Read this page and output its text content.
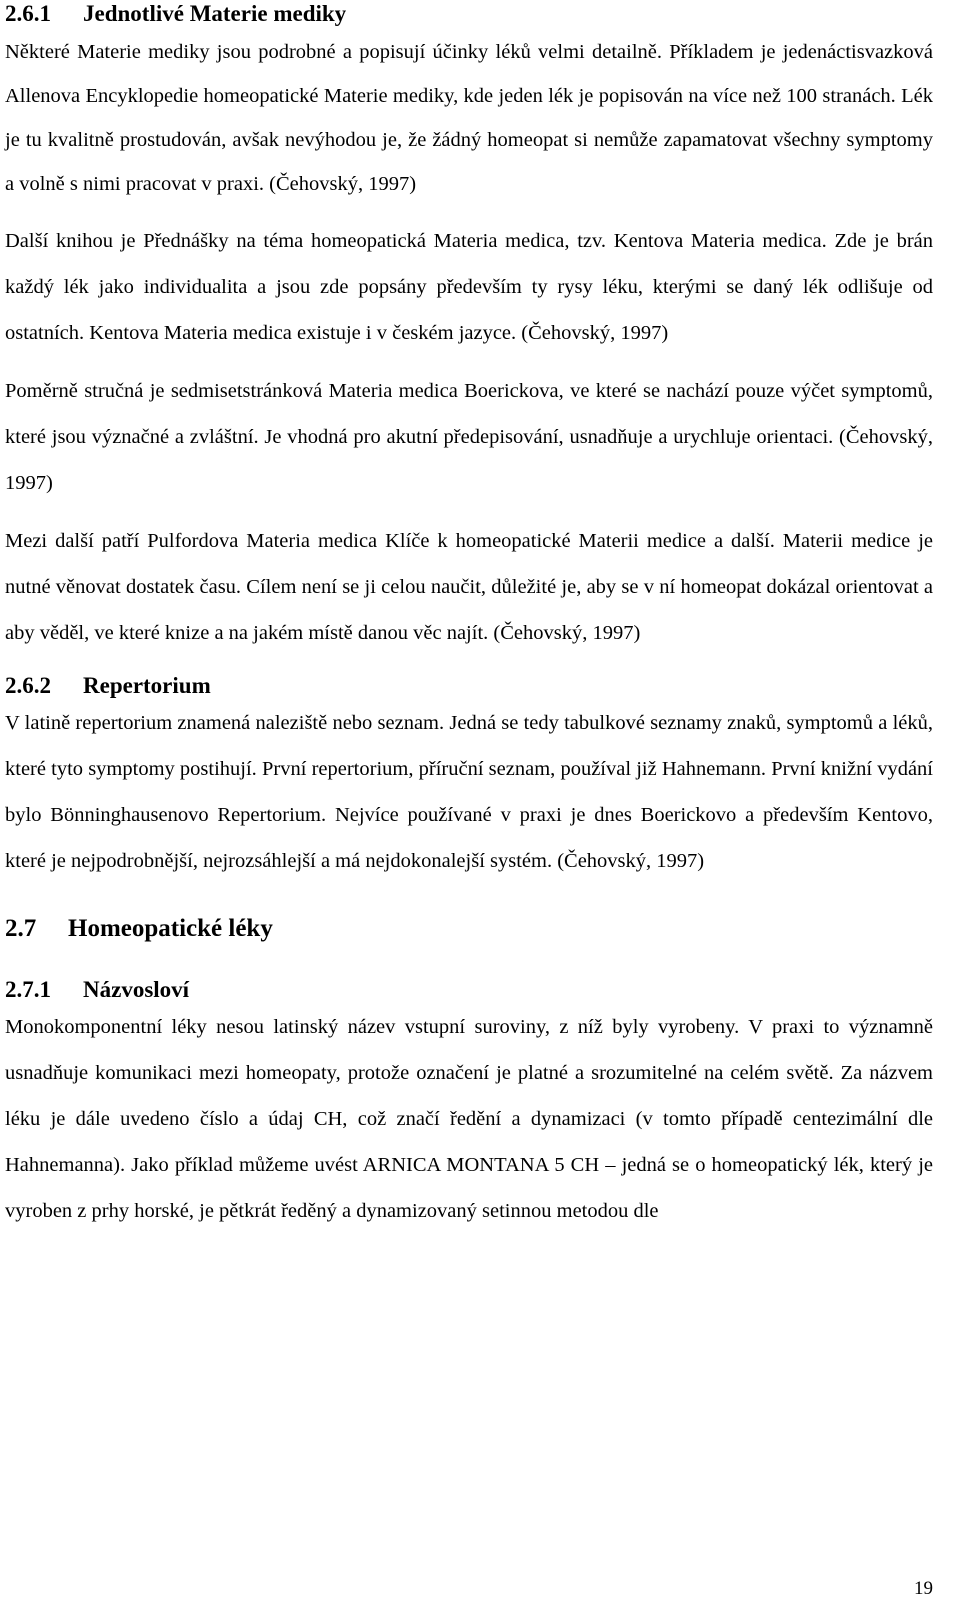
2.6.1 Jednotlivé Materie mediky

Některé Materie mediky jsou podrobné a popisují účinky léků velmi detailně. Příkladem je jedenáctisvazková Allenova Encyklopedie homeopatické Materie mediky, kde jeden lék je popisován na více než 100 stranách. Lék je tu kvalitně prostudován, avšak nevýhodou je, že žádný homeopat si nemůže zapamatovat všechny symptomy a volně s nimi pracovat v praxi. (Čehovský, 1997)

Další knihou je Přednášky na téma homeopatická Materia medica, tzv. Kentova Materia medica. Zde je brán každý lék jako individualita a jsou zde popsány především ty rysy léku, kterými se daný lék odlišuje od ostatních. Kentova Materia medica existuje i v českém jazyce. (Čehovský, 1997)

Poměrně stručná je sedmisetstránková Materia medica Boerickova, ve které se nachází pouze výčet symptomů, které jsou význačné a zvláštní. Je vhodná pro akutní předepisování, usnadňuje a urychluje orientaci. (Čehovský, 1997)

Mezi další patří Pulfordova Materia medica Klíče k homeopatické Materii medice a další. Materii medice je nutné věnovat dostatek času. Cílem není se ji celou naučit, důležité je, aby se v ní homeopat dokázal orientovat a aby věděl, ve které knize a na jakém místě danou věc najít. (Čehovský, 1997)

2.6.2 Repertorium

V latině repertorium znamená naleziště nebo seznam. Jedná se tedy tabulkové seznamy znaků, symptomů a léků, které tyto symptomy postihují. První repertorium, příruční seznam, používal již Hahnemann. První knižní vydání bylo Bönninghausenovo Repertorium. Nejvíce používané v praxi je dnes Boerickovo a především Kentovo, které je nejpodrobnější, nejrozsáhlejší a má nejdokonalejší systém. (Čehovský, 1997)

2.7 Homeopatické léky
2.7.1 Názvosloví

Monokomponentní léky nesou latinský název vstupní suroviny, z níž byly vyrobeny. V praxi to významně usnadňuje komunikaci mezi homeopaty, protože označení je platné a srozumitelné na celém světě. Za názvem léku je dále uvedeno číslo a údaj CH, což značí ředění a dynamizaci (v tomto případě centezimální dle Hahnemanna). Jako příklad můžeme uvést ARNICA MONTANA 5 CH – jedná se o homeopatický lék, který je vyroben z prhy horské, je pětkrát ředěný a dynamizovaný setinnou metodou dle

19
